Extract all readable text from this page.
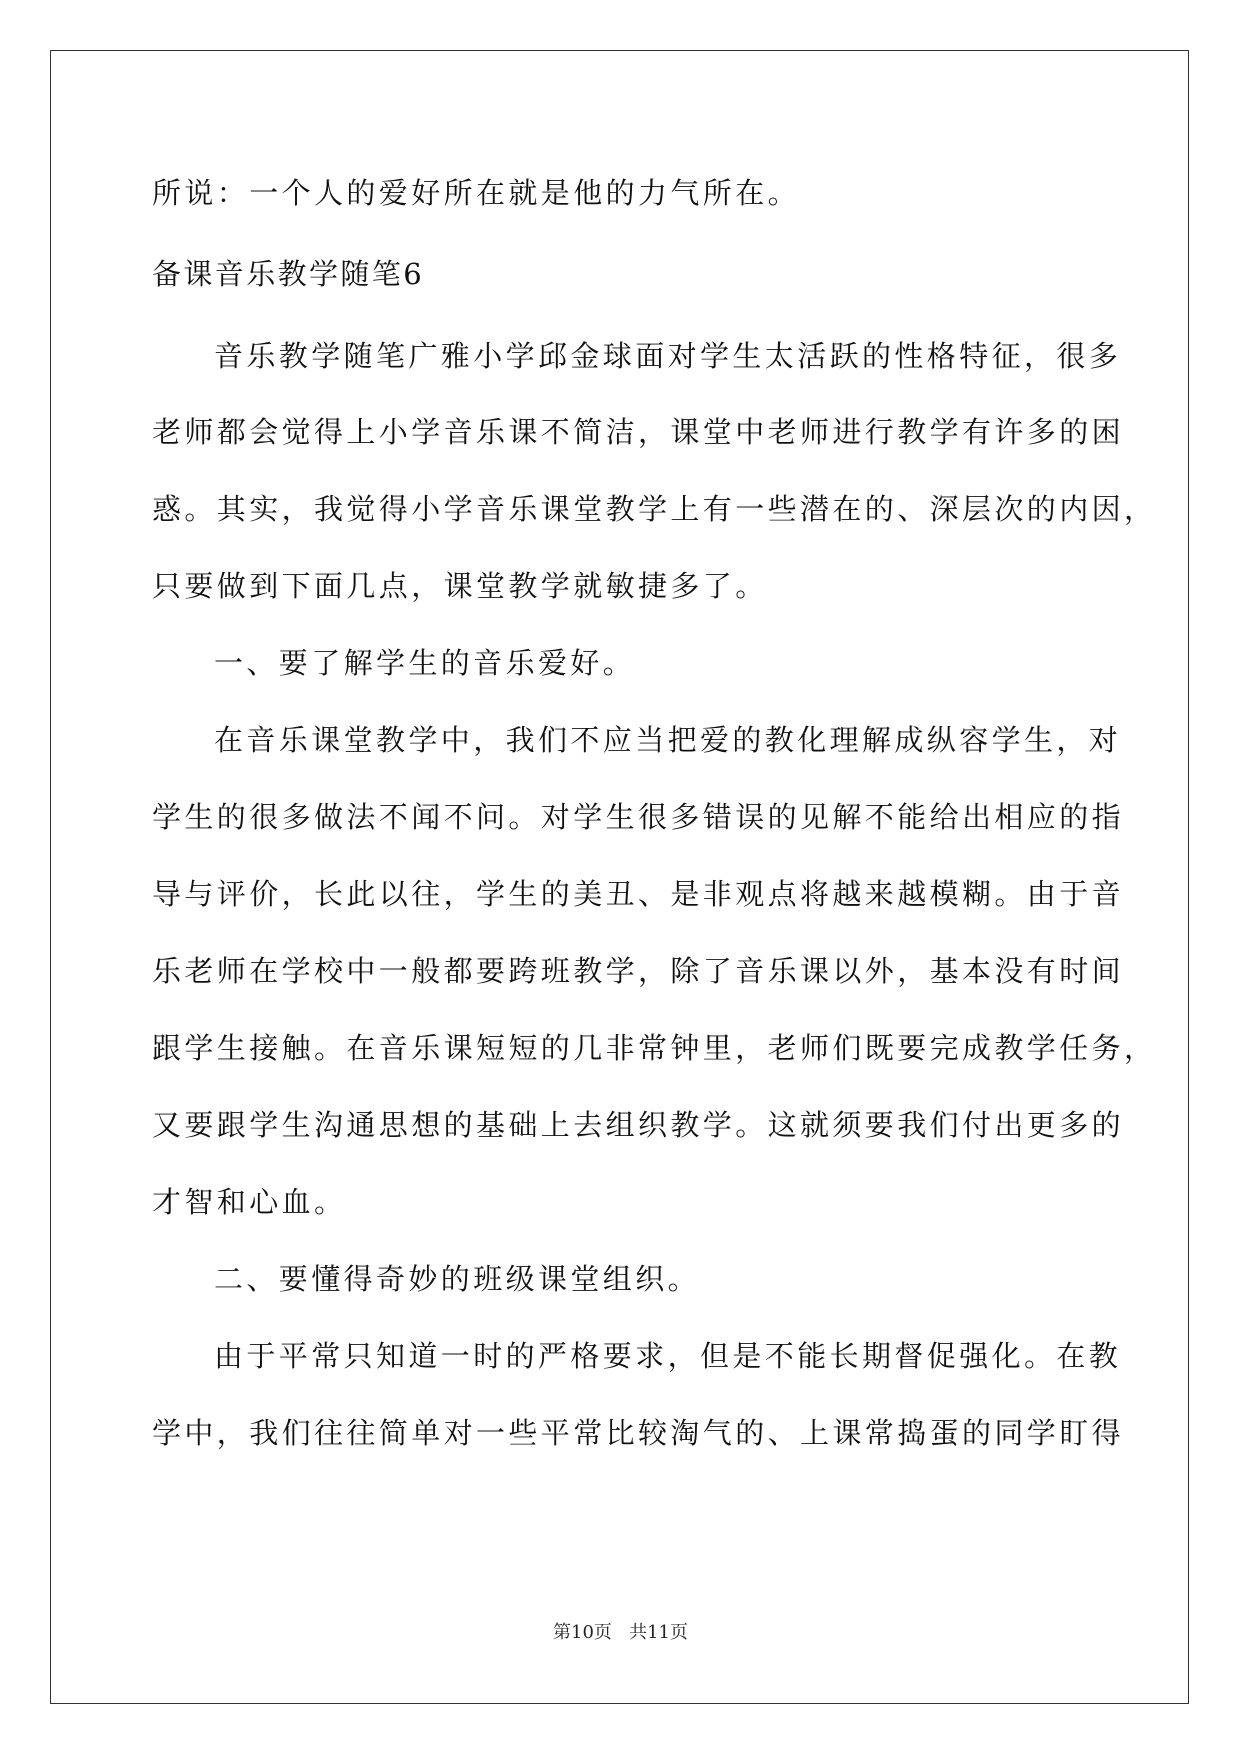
所说：一个人的爱好所在就是他的力气所在。

备课音乐教学随笔6

音乐教学随笔广雅小学邱金球面对学生太活跃的性格特征，很多

老师都会觉得上小学音乐课不简洁，课堂中老师进行教学有许多的困

惑。其实，我觉得小学音乐课堂教学上有一些潜在的、深层次的内因，

只要做到下面几点，课堂教学就敏捷多了。

一、要了解学生的音乐爱好。

在音乐课堂教学中，我们不应当把爱的教化理解成纵容学生，对

学生的很多做法不闻不问。对学生很多错误的见解不能给出相应的指

导与评价，长此以往，学生的美丑、是非观点将越来越模糊。由于音

乐老师在学校中一般都要跨班教学，除了音乐课以外，基本没有时间

跟学生接触。在音乐课短短的几非常钟里，老师们既要完成教学任务，

又要跟学生沟通思想的基础上去组织教学。这就须要我们付出更多的

才智和心血。

二、要懂得奇妙的班级课堂组织。

由于平常只知道一时的严格要求，但是不能长期督促强化。在教

学中，我们往往简单对一些平常比较淘气的、上课常捣蛋的同学盯得

第10页   共11页
